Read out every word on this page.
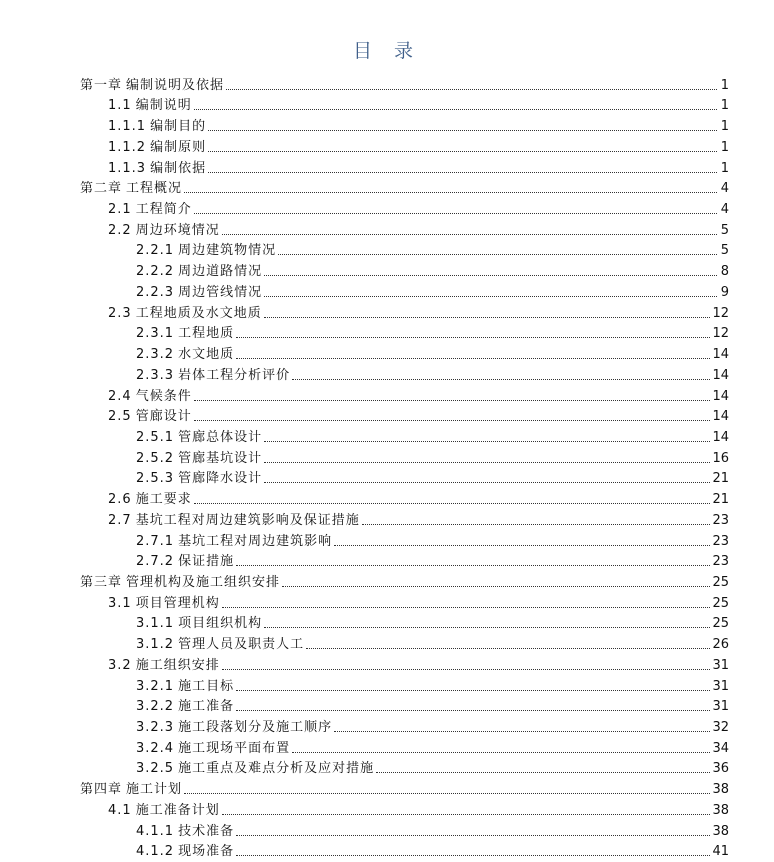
目 录
第一章 编制说明及依据	1
1.1 编制说明	1
1.1.1 编制目的	1
1.1.2 编制原则	1
1.1.3 编制依据	1
第二章 工程概况	4
2.1 工程简介	4
2.2 周边环境情况	5
2.2.1 周边建筑物情况	5
2.2.2 周边道路情况	8
2.2.3 周边管线情况	9
2.3 工程地质及水文地质	12
2.3.1 工程地质	12
2.3.2 水文地质	14
2.3.3 岩体工程分析评价	14
2.4 气候条件	14
2.5 管廊设计	14
2.5.1 管廊总体设计	14
2.5.2 管廊基坑设计	16
2.5.3 管廊降水设计	21
2.6 施工要求	21
2.7 基坑工程对周边建筑影响及保证措施	23
2.7.1 基坑工程对周边建筑影响	23
2.7.2 保证措施	23
第三章 管理机构及施工组织安排	25
3.1 项目管理机构	25
3.1.1 项目组织机构	25
3.1.2 管理人员及职责人工	26
3.2 施工组织安排	31
3.2.1 施工目标	31
3.2.2 施工准备	31
3.2.3 施工段落划分及施工顺序	32
3.2.4 施工现场平面布置	34
3.2.5 施工重点及难点分析及应对措施	36
第四章 施工计划	38
4.1 施工准备计划	38
4.1.1 技术准备	38
4.1.2 现场准备	41
